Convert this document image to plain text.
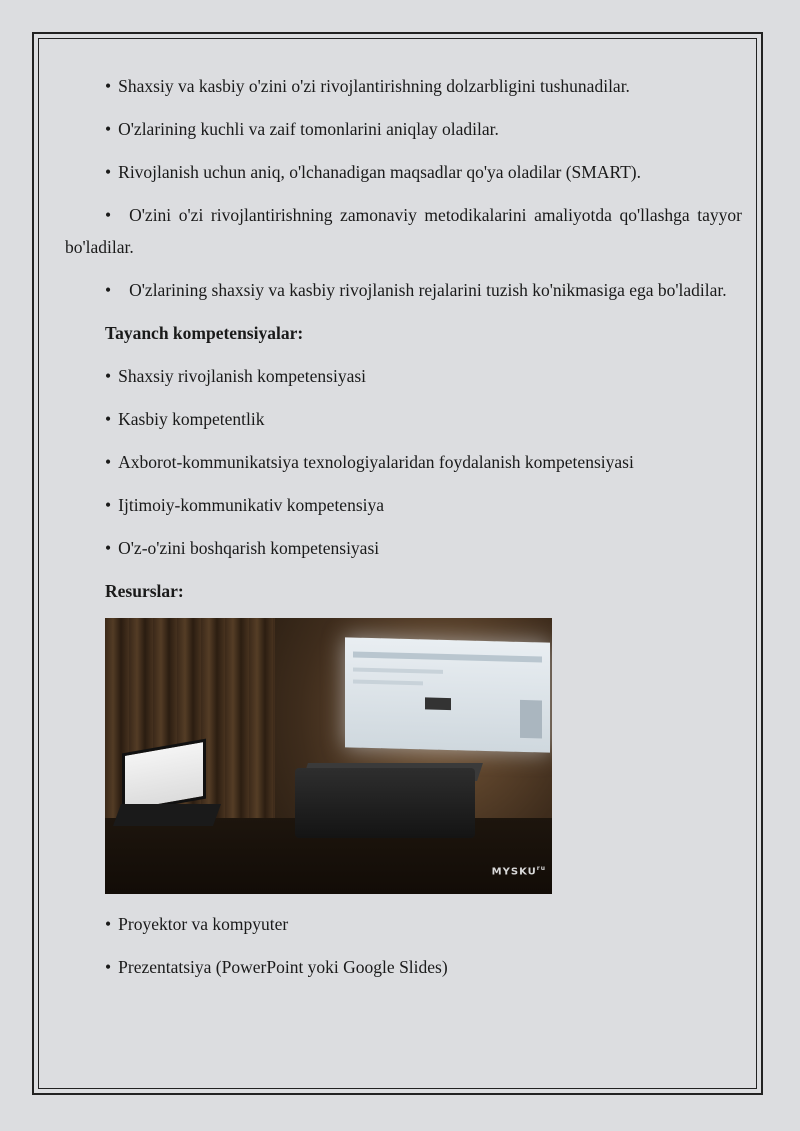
• Shaxsiy va kasbiy o'zini o'zi rivojlantirishning dolzarbligini tushunadilar.

• O'zlarining kuchli va zaif tomonlarini aniqlay oladilar.

• Rivojlanish uchun aniq, o'lchanadigan maqsadlar qo'ya oladilar (SMART).

• O'zini o'zi rivojlantirishning zamonaviy metodikalarini amaliyotda qo'llashga tayyor bo'ladilar.

• O'zlarining shaxsiy va kasbiy rivojlanish rejalarini tuzish ko'nikmasiga ega bo'ladilar.

Tayanch kompetensiyalar:

• Shaxsiy rivojlanish kompetensiyasi

• Kasbiy kompetentlik

• Axborot-kommunikatsiya texnologiyalaridan foydalanish kompetensiyasi

• Ijtimoiy-kommunikativ kompetensiya

• O'z-o'zini boshqarish kompetensiyasi

Resurslar:

$MYSKU^{ru}$

• Proyektor va kompyuter

• Prezentatsiya (PowerPoint yoki Google Slides)
